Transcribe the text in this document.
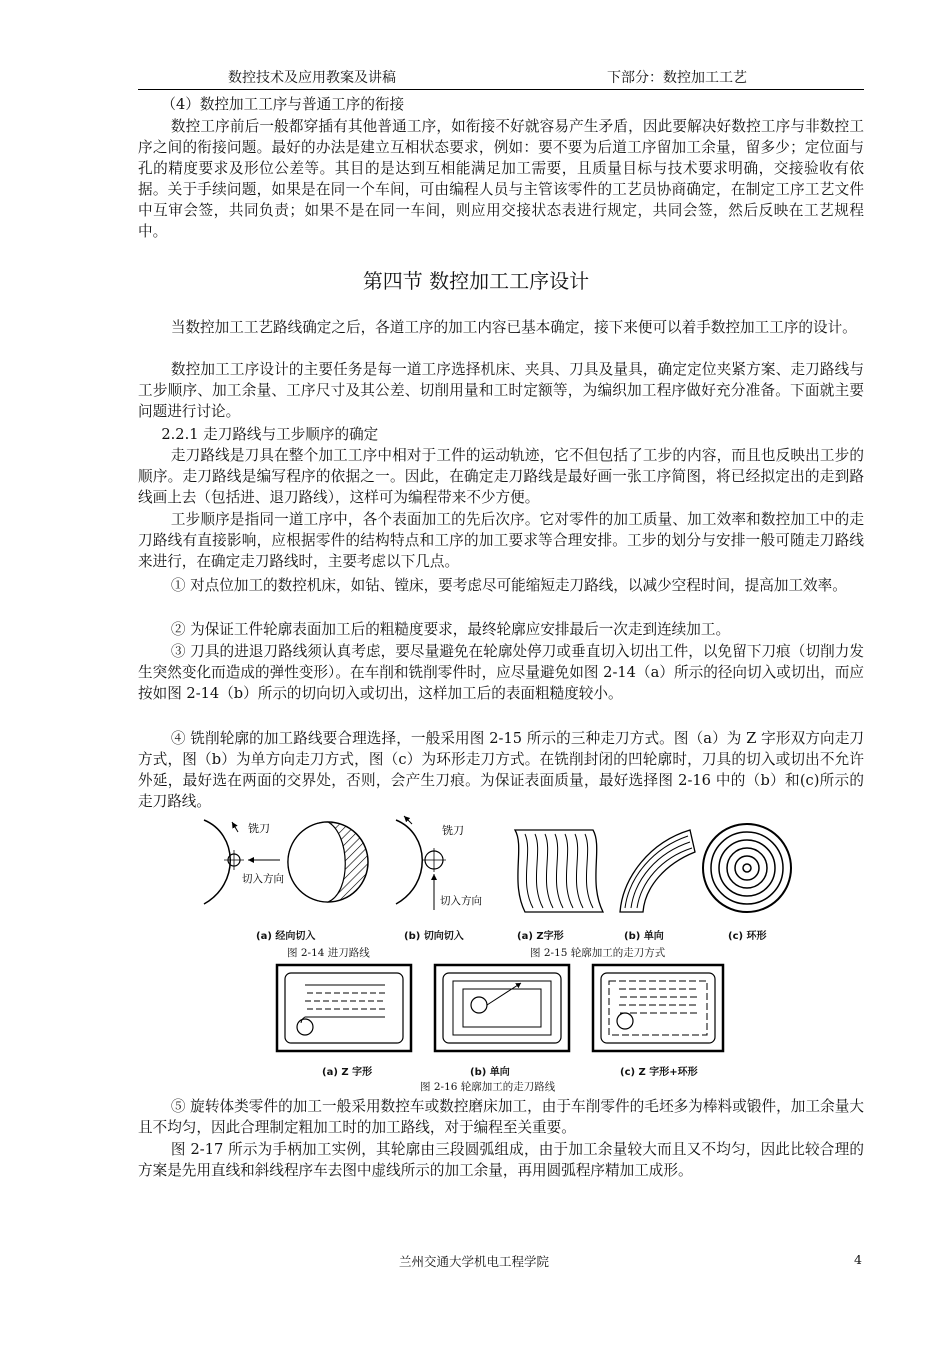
数控技术及应用教案及讲稿	下部分：数控加工工艺

（4）数控加工工序与普通工序的衔接

数控工序前后一般都穿插有其他普通工序，如衔接不好就容易产生矛盾，因此要解决好数控工序与非数控工序之间的衔接问题。最好的办法是建立互相状态要求，例如：要不要为后道工序留加工余量，留多少；定位面与孔的精度要求及形位公差等。其目的是达到互相能满足加工需要，且质量目标与技术要求明确，交接验收有依据。关于手续问题，如果是在同一个车间，可由编程人员与主管该零件的工艺员协商确定，在制定工序工艺文件中互审会签，共同负责；如果不是在同一车间，则应用交接状态表进行规定，共同会签，然后反映在工艺规程中。

第四节 数控加工工序设计

当数控加工工艺路线确定之后，各道工序的加工内容已基本确定，接下来便可以着手数控加工工序的设计。

数控加工工序设计的主要任务是每一道工序选择机床、夹具、刀具及量具，确定定位夹紧方案、走刀路线与工步顺序、加工余量、工序尺寸及其公差、切削用量和工时定额等，为编织加工程序做好充分准备。下面就主要问题进行讨论。

2.2.1 走刀路线与工步顺序的确定

走刀路线是刀具在整个加工工序中相对于工件的运动轨迹，它不但包括了工步的内容，而且也反映出工步的顺序。走刀路线是编写程序的依据之一。因此，在确定走刀路线是最好画一张工序简图，将已经拟定出的走到路线画上去（包括进、退刀路线），这样可为编程带来不少方便。

工步顺序是指同一道工序中，各个表面加工的先后次序。它对零件的加工质量、加工效率和数控加工中的走刀路线有直接影响，应根据零件的结构特点和工序的加工要求等合理安排。工步的划分与安排一般可随走刀路线来进行，在确定走刀路线时，主要考虑以下几点。

① 对点位加工的数控机床，如钻、镗床，要考虑尽可能缩短走刀路线，以减少空程时间，提高加工效率。

② 为保证工件轮廓表面加工后的粗糙度要求，最终轮廓应安排最后一次走到连续加工。

③ 刀具的进退刀路线须认真考虑，要尽量避免在轮廓处停刀或垂直切入切出工件，以免留下刀痕（切削力发生突然变化而造成的弹性变形）。在车削和铣削零件时，应尽量避免如图 2-14（a）所示的径向切入或切出，而应按如图 2-14（b）所示的切向切入或切出，这样加工后的表面粗糙度较小。

④ 铣削轮廓的加工路线要合理选择，一般采用图 2-15 所示的三种走刀方式。图（a）为 Z 字形双方向走刀方式，图（b）为单方向走刀方式，图（c）为环形走刀方式。在铣削封闭的凹轮廓时，刀具的切入或切出不允许外延，最好选在两面的交界处，否则，会产生刀痕。为保证表面质量，最好选择图 2-16 中的（b）和(c)所示的走刀路线。

铣刀
切入方向
铣刀
切入方向
(a) 经向切入	(b) 切向切入	(a) Z字形	(b) 单向	(c) 环形
图 2-14 进刀路线	图 2-15 轮廓加工的走刀方式
(a) Z 字形	(b) 单向	(c) Z 字形+环形
图 2-16 轮廓加工的走刀路线

⑤ 旋转体类零件的加工一般采用数控车或数控磨床加工，由于车削零件的毛坯多为棒料或锻件，加工余量大且不均匀，因此合理制定粗加工时的加工路线，对于编程至关重要。

图 2-17 所示为手柄加工实例，其轮廓由三段圆弧组成，由于加工余量较大而且又不均匀，因此比较合理的方案是先用直线和斜线程序车去图中虚线所示的加工余量，再用圆弧程序精加工成形。

兰州交通大学机电工程学院	4
